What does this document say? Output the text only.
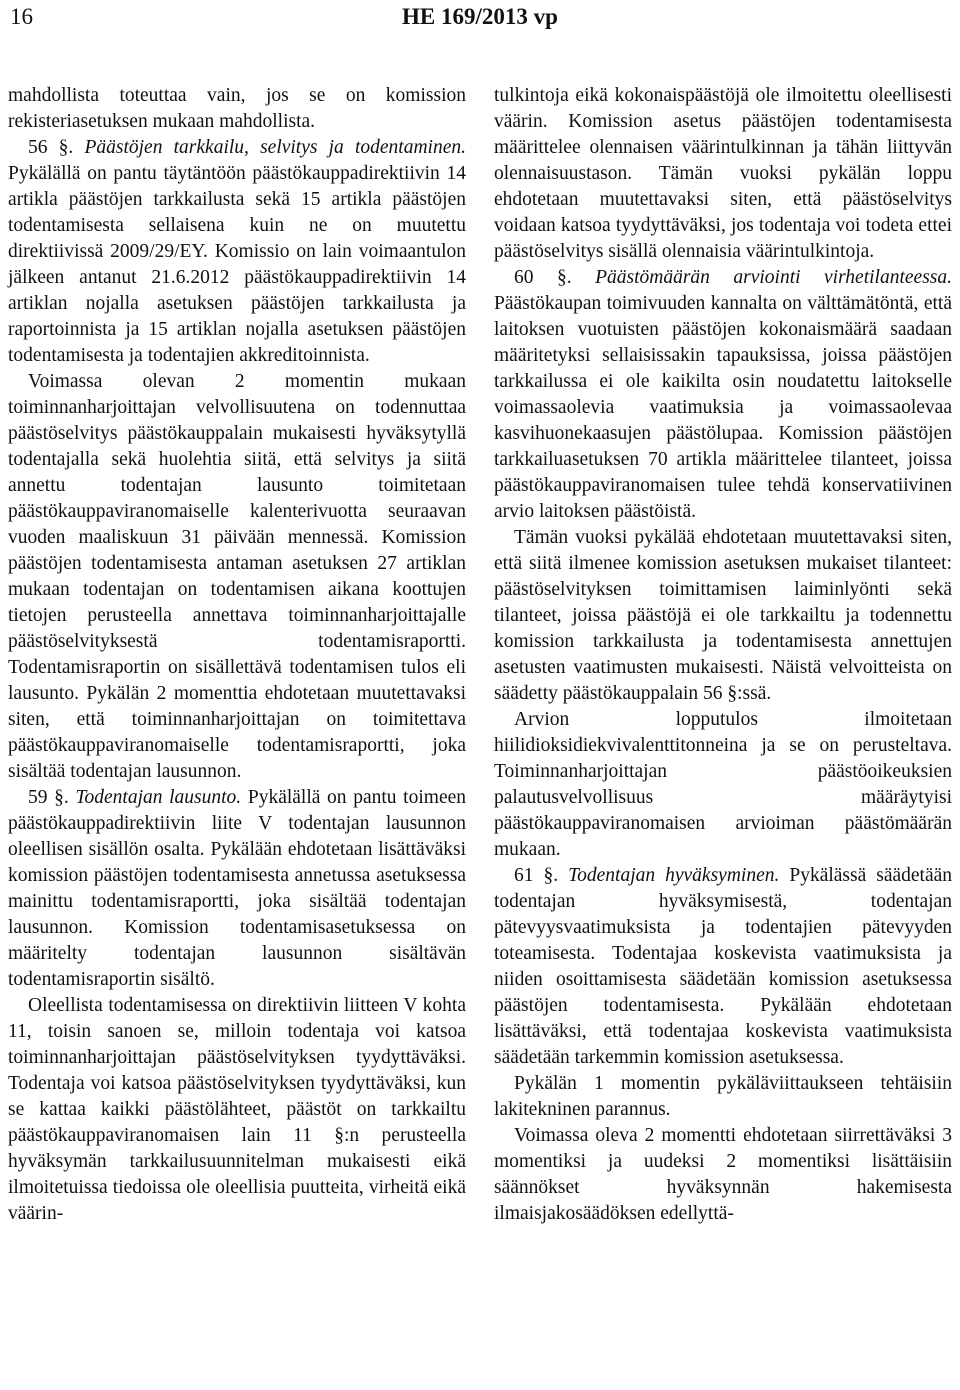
16	HE 169/2013 vp

mahdollista toteuttaa vain, jos se on komission rekisteriasetuksen mukaan mahdollista.

56 §. Päästöjen tarkkailu, selvitys ja todentaminen. Pykälällä on pantu täytäntöön päästökauppadirektiivin 14 artikla päästöjen tarkkailusta sekä 15 artikla päästöjen todentamisesta sellaisena kuin ne on muutettu direktiivissä 2009/29/EY. Komissio on lain voimaantulon jälkeen antanut 21.6.2012 päästökauppadirektiivin 14 artiklan nojalla asetuksen päästöjen tarkkailusta ja raportoinnista ja 15 artiklan nojalla asetuksen päästöjen todentamisesta ja todentajien akkreditoinnista.

Voimassa olevan 2 momentin mukaan toiminnanharjoittajan velvollisuutena on todennuttaa päästöselvitys päästökauppalain mukaisesti hyväksytyllä todentajalla sekä huolehtia siitä, että selvitys ja siitä annettu todentajan lausunto toimitetaan päästökauppaviranomaiselle kalenterivuotta seuraavan vuoden maaliskuun 31 päivään mennessä. Komission päästöjen todentamisesta antaman asetuksen 27 artiklan mukaan todentajan on todentamisen aikana koottujen tietojen perusteella annettava toiminnanharjoittajalle päästöselvityksestä todentamisraportti. Todentamisraportin on sisällettävä todentamisen tulos eli lausunto. Pykälän 2 momenttia ehdotetaan muutettavaksi siten, että toiminnanharjoittajan on toimitettava päästökauppaviranomaiselle todentamisraportti, joka sisältää todentajan lausunnon.

59 §. Todentajan lausunto. Pykälällä on pantu toimeen päästökauppadirektiivin liite V todentajan lausunnon oleellisen sisällön osalta. Pykälään ehdotetaan lisättäväksi komission päästöjen todentamisesta annetussa asetuksessa mainittu todentamisraportti, joka sisältää todentajan lausunnon. Komission todentamisasetuksessa on määritelty todentajan lausunnon sisältävän todentamisraportin sisältö.

Oleellista todentamisessa on direktiivin liitteen V kohta 11, toisin sanoen se, milloin todentaja voi katsoa toiminnanharjoittajan päästöselvityksen tyydyttäväksi. Todentaja voi katsoa päästöselvityksen tyydyttäväksi, kun se kattaa kaikki päästölähteet, päästöt on tarkkailtu päästökauppaviranomaisen lain 11 §:n perusteella hyväksymän tarkkailusuunnitelman mukaisesti eikä ilmoitetuissa tiedoissa ole oleellisia puutteita, virheitä eikä väärin-

tulkintoja eikä kokonaispäästöjä ole ilmoitettu oleellisesti väärin. Komission asetus päästöjen todentamisesta määrittelee olennaisen väärintulkinnan ja tähän liittyvän olennaisuustason. Tämän vuoksi pykälän loppu ehdotetaan muutettavaksi siten, että päästöselvitys voidaan katsoa tyydyttäväksi, jos todentaja voi todeta ettei päästöselvitys sisällä olennaisia väärintulkintoja.

60 §. Päästömäärän arviointi virhetilanteessa. Päästökaupan toimivuuden kannalta on välttämätöntä, että laitoksen vuotuisten päästöjen kokonaismäärä saadaan määritetyksi sellaisissakin tapauksissa, joissa päästöjen tarkkailussa ei ole kaikilta osin noudatettu laitokselle voimassaolevia vaatimuksia ja voimassaolevaa kasvihuonekaasujen päästölupaa. Komission päästöjen tarkkailuasetuksen 70 artikla määrittelee tilanteet, joissa päästökauppaviranomaisen tulee tehdä konservatiivinen arvio laitoksen päästöistä.

Tämän vuoksi pykälää ehdotetaan muutettavaksi siten, että siitä ilmenee komission asetuksen mukaiset tilanteet: päästöselvityksen toimittamisen laiminlyönti sekä tilanteet, joissa päästöjä ei ole tarkkailtu ja todennettu komission tarkkailusta ja todentamisesta annettujen asetusten vaatimusten mukaisesti. Näistä velvoitteista on säädetty päästökauppalain 56 §:ssä.

Arvion lopputulos ilmoitetaan hiilidioksidiekvivalenttitonneina ja se on perusteltava. Toiminnanharjoittajan päästöoikeuksien palautusvelvollisuus määräytyisi päästökauppaviranomaisen arvioiman päästömäärän mukaan.

61 §. Todentajan hyväksyminen. Pykälässä säädetään todentajan hyväksymisestä, todentajan pätevyysvaatimuksista ja todentajien pätevyyden toteamisesta. Todentajaa koskevista vaatimuksista ja niiden osoittamisesta säädetään komission asetuksessa päästöjen todentamisesta. Pykälään ehdotetaan lisättäväksi, että todentajaa koskevista vaatimuksista säädetään tarkemmin komission asetuksessa.

Pykälän 1 momentin pykäläviittaukseen tehtäisiin lakitekninen parannus.

Voimassa oleva 2 momentti ehdotetaan siirrettäväksi 3 momentiksi ja uudeksi 2 momentiksi lisättäisiin säännökset hyväksynnän hakemisesta ilmaisjakosäädöksen edellyttä-
